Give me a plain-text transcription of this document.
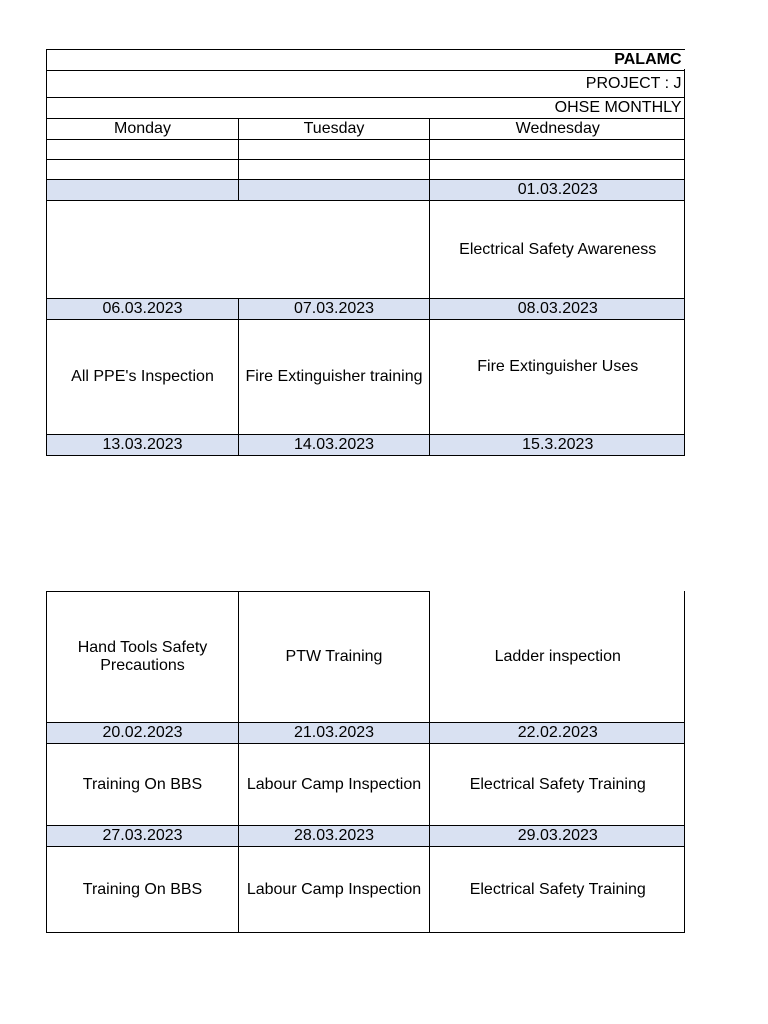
PALAMC		
PROJECT : J		
OHSE MONTHLY		
Monday	Tuesday	Wednesday

		01.03.2023
		Electrical Safety Awareness
06.03.2023	07.03.2023	08.03.2023
All PPE's Inspection	Fire Extinguisher training	Fire Extinguisher Uses
13.03.2023	14.03.2023	15.3.2023
Hand Tools Safety Precautions	PTW Training	Ladder inspection
20.02.2023	21.03.2023	22.02.2023
Training On BBS	Labour Camp Inspection	Electrical Safety Training
27.03.2023	28.03.2023	29.03.2023
Training On BBS	Labour Camp Inspection	Electrical Safety Training
